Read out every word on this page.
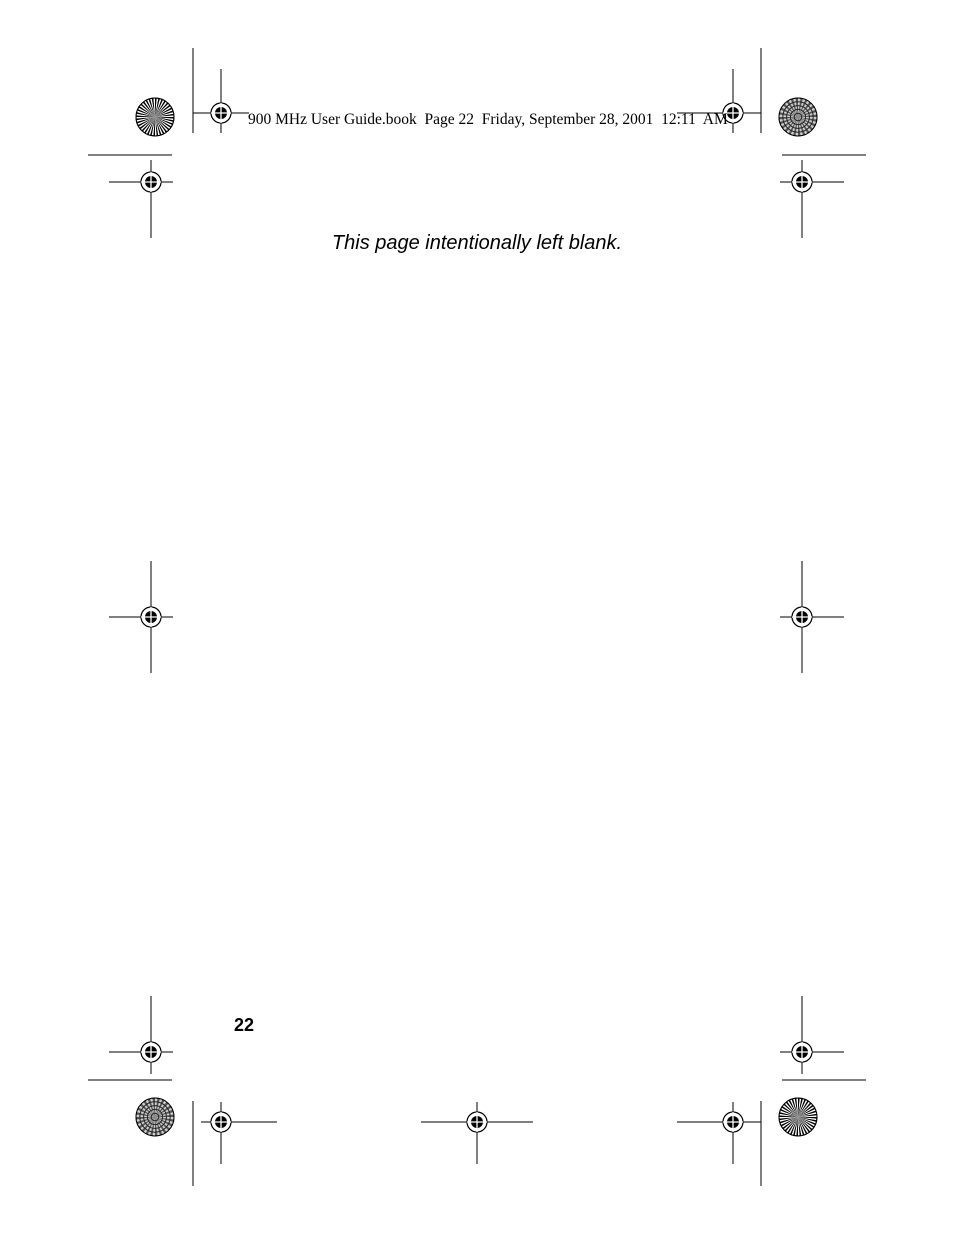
900 MHz User Guide.book  Page 22  Friday, September 28, 2001  12:11  AM
This page intentionally left blank.
22
